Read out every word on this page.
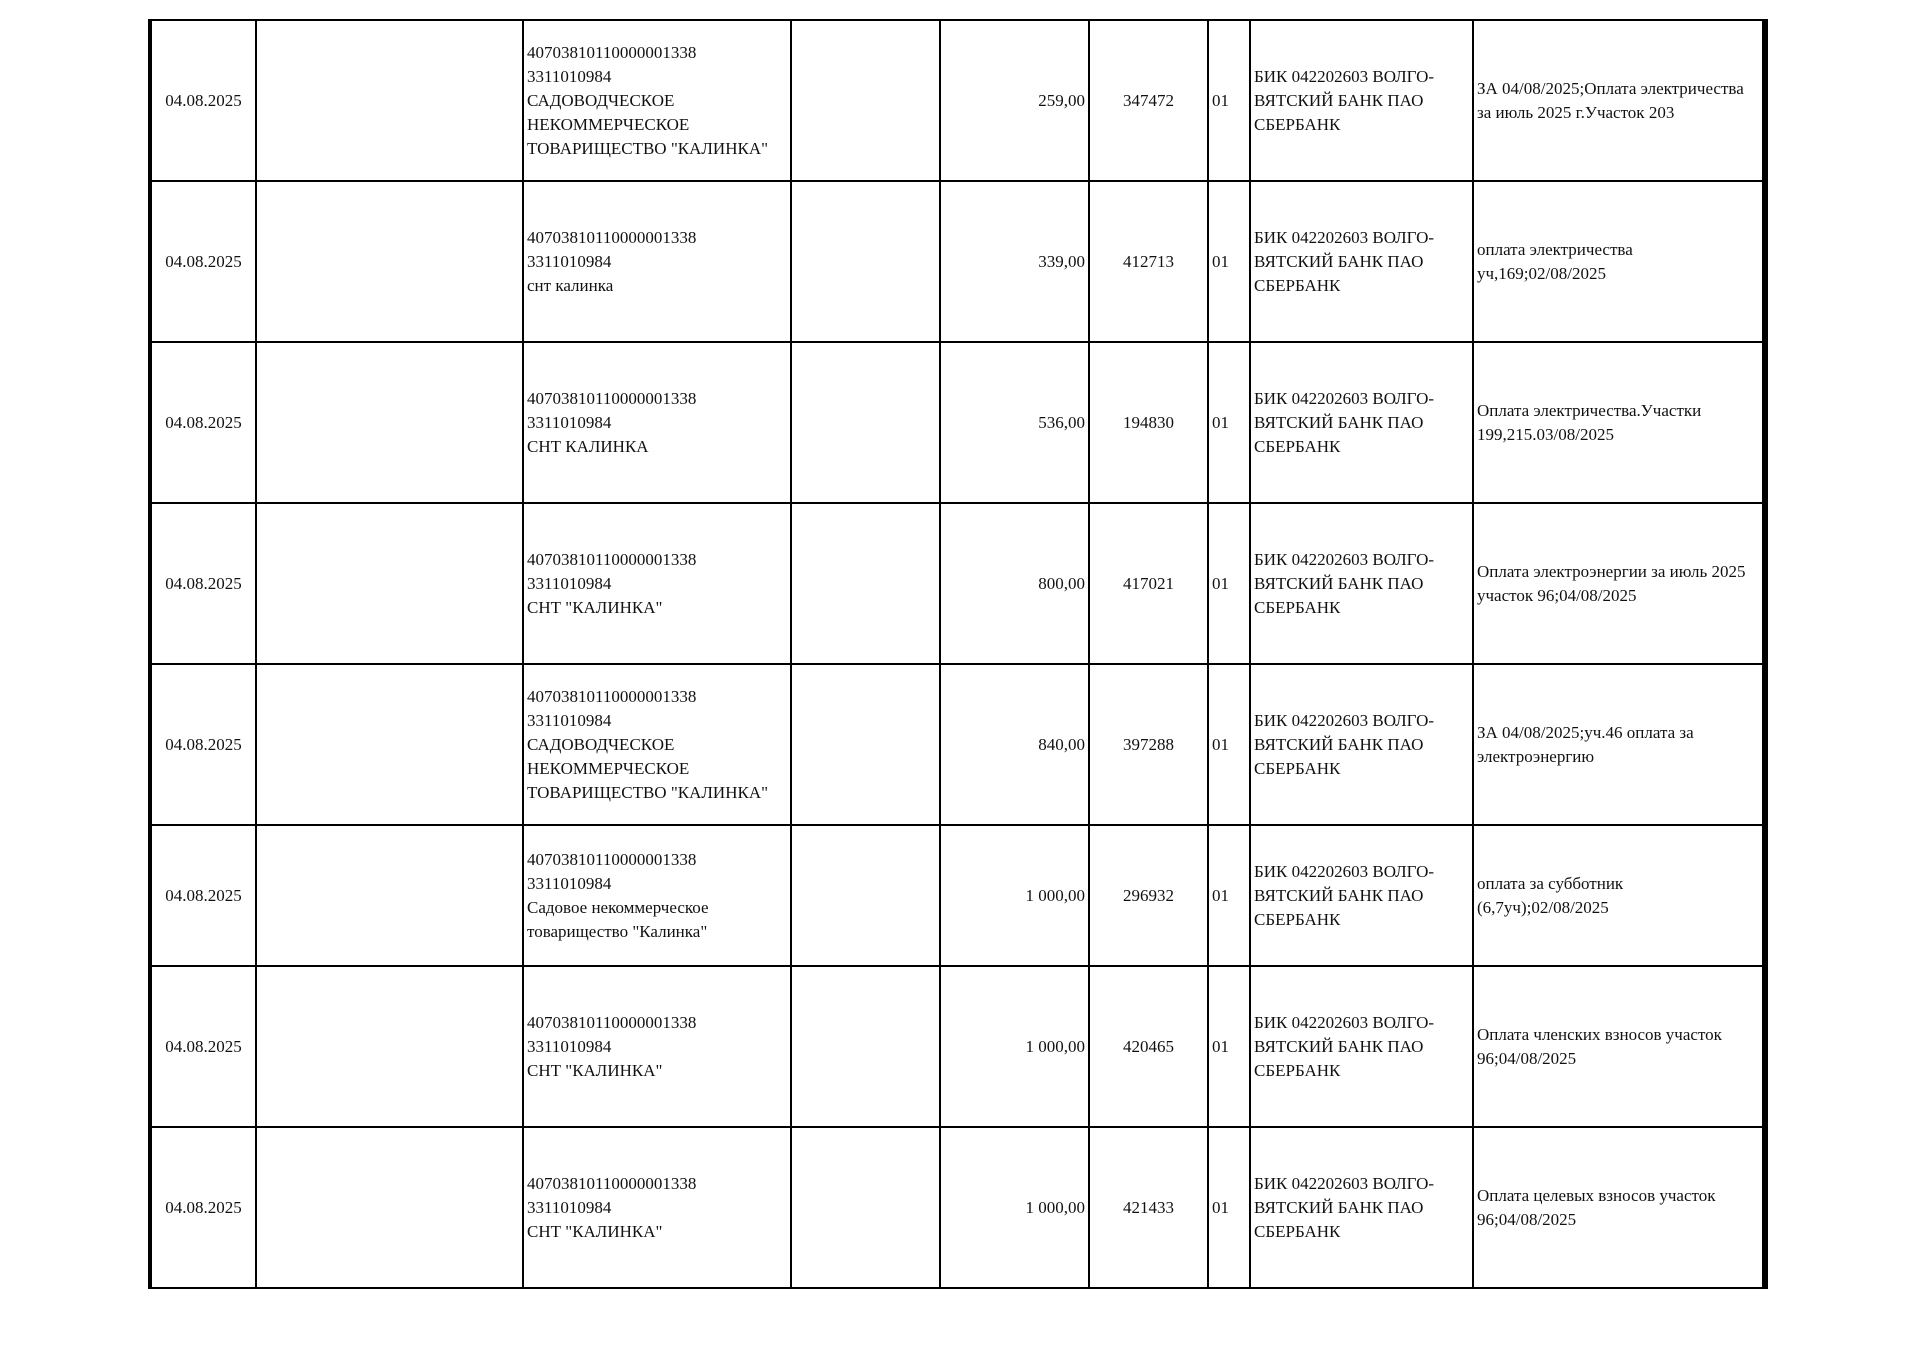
04.08.2025		40703810110000001338
3311010984
САДОВОДЧЕСКОЕ
НЕКОММЕРЧЕСКОЕ
ТОВАРИЩЕСТВО "КАЛИНКА"		259,00	347472	01	БИК 042202603 ВОЛГО-ВЯТСКИЙ БАНК ПАО СБЕРБАНК	ЗА 04/08/2025;Оплата электричества за июль 2025 г.Участок 203

04.08.2025		40703810110000001338
3311010984
снт калинка		339,00	412713	01	БИК 042202603 ВОЛГО-ВЯТСКИЙ БАНК ПАО СБЕРБАНК	оплата электричества уч,169;02/08/2025

04.08.2025		40703810110000001338
3311010984
СНТ КАЛИНКА		536,00	194830	01	БИК 042202603 ВОЛГО-ВЯТСКИЙ БАНК ПАО СБЕРБАНК	Оплата электричества.Участки 199,215.03/08/2025

04.08.2025		40703810110000001338
3311010984
СНТ "КАЛИНКА"		800,00	417021	01	БИК 042202603 ВОЛГО-ВЯТСКИЙ БАНК ПАО СБЕРБАНК	Оплата электроэнергии за июль 2025 участок 96;04/08/2025

04.08.2025		40703810110000001338
3311010984
САДОВОДЧЕСКОЕ
НЕКОММЕРЧЕСКОЕ
ТОВАРИЩЕСТВО "КАЛИНКА"		840,00	397288	01	БИК 042202603 ВОЛГО-ВЯТСКИЙ БАНК ПАО СБЕРБАНК	ЗА 04/08/2025;уч.46 оплата за электроэнергию

04.08.2025		40703810110000001338
3311010984
Садовое некоммерческое
товарищество "Калинка"		1 000,00	296932	01	БИК 042202603 ВОЛГО-ВЯТСКИЙ БАНК ПАО СБЕРБАНК	оплата за субботник (6,7уч);02/08/2025

04.08.2025		40703810110000001338
3311010984
СНТ "КАЛИНКА"		1 000,00	420465	01	БИК 042202603 ВОЛГО-ВЯТСКИЙ БАНК ПАО СБЕРБАНК	Оплата членских взносов участок 96;04/08/2025

04.08.2025		40703810110000001338
3311010984
СНТ "КАЛИНКА"		1 000,00	421433	01	БИК 042202603 ВОЛГО-ВЯТСКИЙ БАНК ПАО СБЕРБАНК	Оплата целевых взносов участок 96;04/08/2025
